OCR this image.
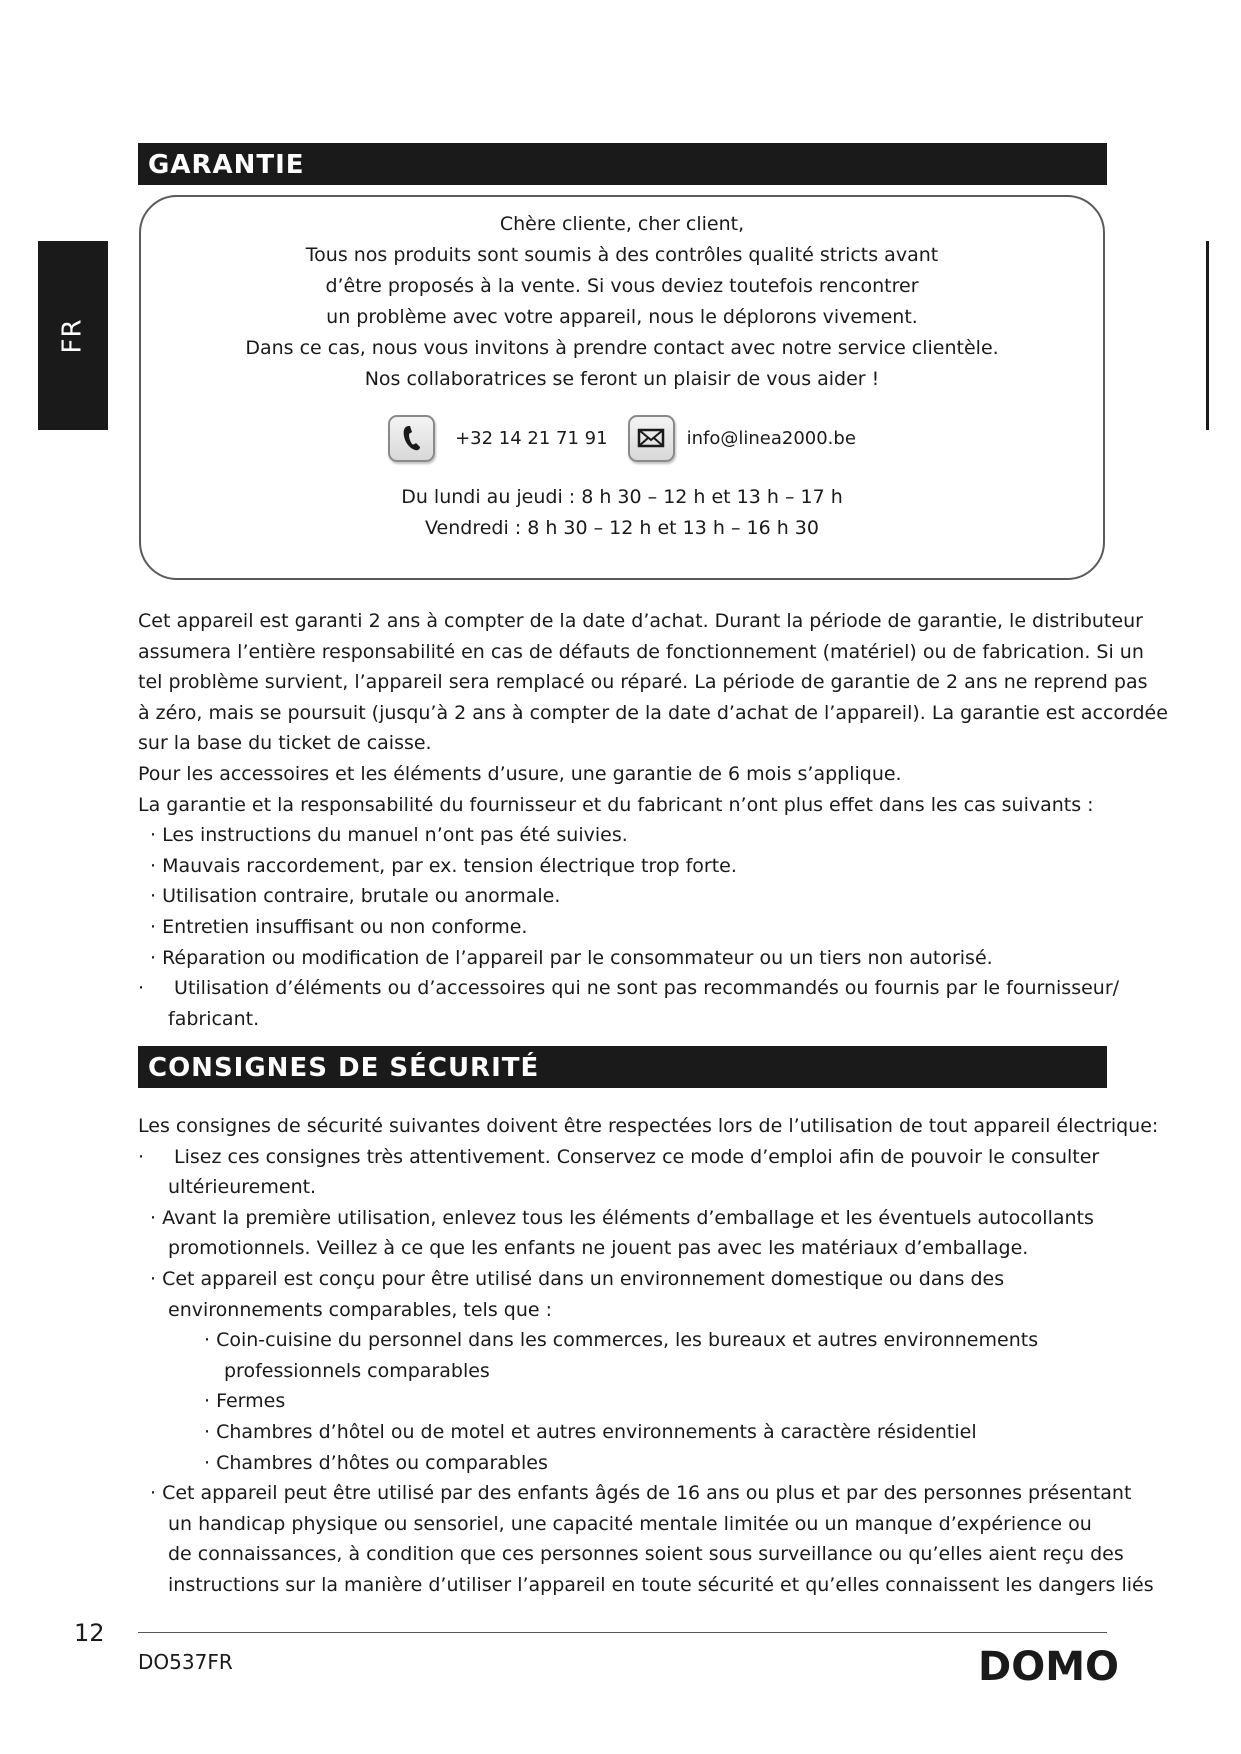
FR
GARANTIE
Chère cliente, cher client,
Tous nos produits sont soumis à des contrôles qualité stricts avant
d’être proposés à la vente. Si vous deviez toutefois rencontrer
un problème avec votre appareil, nous le déplorons vivement.
Dans ce cas, nous vous invitons à prendre contact avec notre service clientèle.
Nos collaboratrices se feront un plaisir de vous aider !
+32 14 21 71 91	info@linea2000.be
Du lundi au jeudi : 8 h 30 – 12 h et 13 h – 17 h
Vendredi : 8 h 30 – 12 h et 13 h – 16 h 30
Cet appareil est garanti 2 ans à compter de la date d’achat. Durant la période de garantie, le distributeur
assumera l’entière responsabilité en cas de défauts de fonctionnement (matériel) ou de fabrication. Si un
tel problème survient, l’appareil sera remplacé ou réparé. La période de garantie de 2 ans ne reprend pas
à zéro, mais se poursuit (jusqu’à 2 ans à compter de la date d’achat de l’appareil). La garantie est accordée
sur la base du ticket de caisse.
Pour les accessoires et les éléments d’usure, une garantie de 6 mois s’applique.
La garantie et la responsabilité du fournisseur et du fabricant n’ont plus effet dans les cas suivants :
· Les instructions du manuel n’ont pas été suivies.
· Mauvais raccordement, par ex. tension électrique trop forte.
· Utilisation contraire, brutale ou anormale.
· Entretien insuffisant ou non conforme.
· Réparation ou modification de l’appareil par le consommateur ou un tiers non autorisé.
· Utilisation d’éléments ou d’accessoires qui ne sont pas recommandés ou fournis par le fournisseur/
fabricant.
CONSIGNES DE SÉCURITÉ
Les consignes de sécurité suivantes doivent être respectées lors de l’utilisation de tout appareil électrique:
· Lisez ces consignes très attentivement. Conservez ce mode d’emploi afin de pouvoir le consulter
ultérieurement.
· Avant la première utilisation, enlevez tous les éléments d’emballage et les éventuels autocollants
promotionnels. Veillez à ce que les enfants ne jouent pas avec les matériaux d’emballage.
· Cet appareil est conçu pour être utilisé dans un environnement domestique ou dans des
environnements comparables, tels que :
· Coin-cuisine du personnel dans les commerces, les bureaux et autres environnements
professionnels comparables
· Fermes
· Chambres d’hôtel ou de motel et autres environnements à caractère résidentiel
· Chambres d’hôtes ou comparables
· Cet appareil peut être utilisé par des enfants âgés de 16 ans ou plus et par des personnes présentant
un handicap physique ou sensoriel, une capacité mentale limitée ou un manque d’expérience ou
de connaissances, à condition que ces personnes soient sous surveillance ou qu’elles aient reçu des
instructions sur la manière d’utiliser l’appareil en toute sécurité et qu’elles connaissent les dangers liés
12
DO537FR	DOMO
